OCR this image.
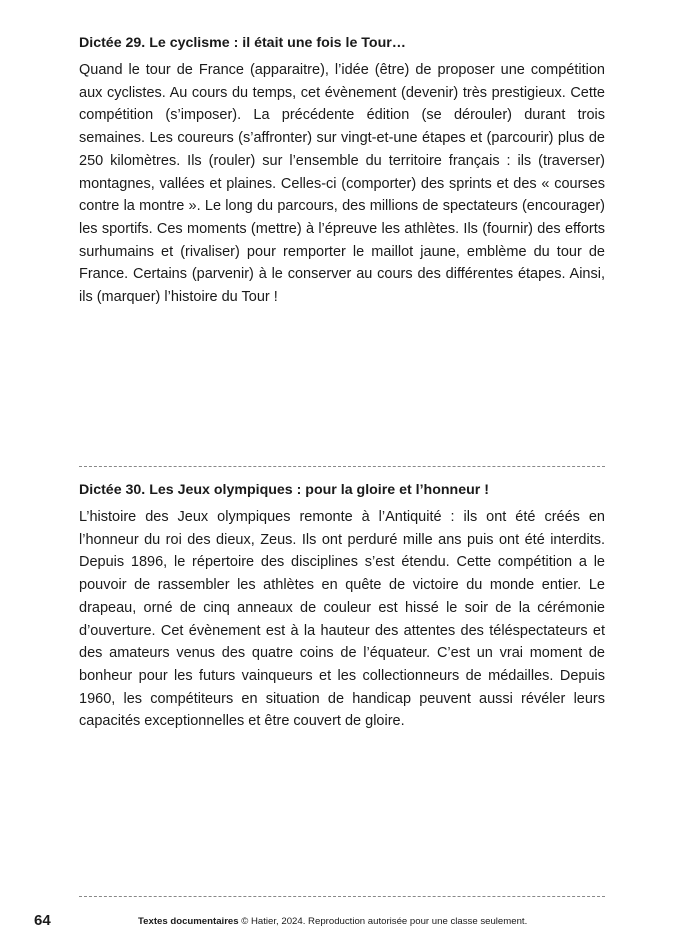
Dictée 29. Le cyclisme : il était une fois le Tour…

Quand le tour de France (apparaitre), l’idée (être) de proposer une compétition aux cyclistes. Au cours du temps, cet évènement (devenir) très prestigieux. Cette compétition (s’imposer). La précédente édition (se dérouler) durant trois semaines. Les coureurs (s’affronter) sur vingt-et-une étapes et (parcourir) plus de 250 kilomètres. Ils (rouler) sur l’ensemble du territoire français : ils (traverser) montagnes, vallées et plaines. Celles-ci (comporter) des sprints et des « courses contre la montre ». Le long du parcours, des millions de spectateurs (encourager) les sportifs. Ces moments (mettre) à l’épreuve les athlètes. Ils (fournir) des efforts surhumains et (rivaliser) pour remporter le maillot jaune, emblème du tour de France. Certains (parvenir) à le conserver au cours des différentes étapes. Ainsi, ils (marquer) l’histoire du Tour !

Dictée 30. Les Jeux olympiques : pour la gloire et l’honneur !

L’histoire des Jeux olympiques remonte à l’Antiquité : ils ont été créés en l’honneur du roi des dieux, Zeus. Ils ont perduré mille ans puis ont été interdits. Depuis 1896, le répertoire des disciplines s’est étendu. Cette compétition a le pouvoir de rassembler les athlètes en quête de victoire du monde entier. Le drapeau, orné de cinq anneaux de couleur est hissé le soir de la cérémonie d’ouverture. Cet évènement est à la hauteur des attentes des téléspectateurs et des amateurs venus des quatre coins de l’équateur. C’est un vrai moment de bonheur pour les futurs vainqueurs et les collectionneurs de médailles. Depuis 1960, les compétiteurs en situation de handicap peuvent aussi révéler leurs capacités exceptionnelles et être couvert de gloire.

64	Textes documentaires © Hatier, 2024. Reproduction autorisée pour une classe seulement.
